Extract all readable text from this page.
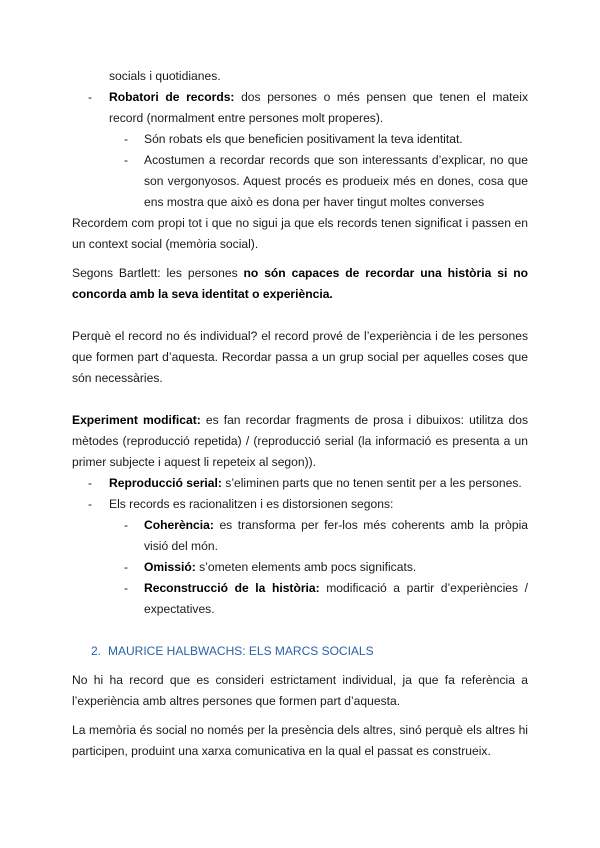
socials i quotidianes.

- Robatori de records: dos persones o més pensen que tenen el mateix record (normalment entre persones molt properes).
- Són robats els que beneficien positivament la teva identitat.
- Acostumen a recordar records que son interessants d’explicar, no que son vergonyosos. Aquest procés es produeix més en dones, cosa que ens mostra que això es dona per haver tingut moltes converses

Recordem com propi tot i que no sigui ja que els records tenen significat i passen en un context social (memòria social).

Segons Bartlett: les persones no són capaces de recordar una història si no concorda amb la seva identitat o experiència.

Perquè el record no és individual? el record prové de l’experiència i de les persones que formen part d’aquesta. Recordar passa a un grup social per aquelles coses que són necessàries.

Experiment modificat: es fan recordar fragments de prosa i dibuixos: utilitza dos mètodes (reproducció repetida) / (reproducció serial (la informació es presenta a un primer subjecte i aquest li repeteix al segon)).

- Reproducció serial: s’eliminen parts que no tenen sentit per a les persones.
- Els records es racionalitzen i es distorsionen segons:
- Coherència: es transforma per fer-los més coherents amb la pròpia visió del món.
- Omissió: s’ometen elements amb pocs significats.
- Reconstrucció de la història: modificació a partir d’experiències / expectatives.
2. MAURICE HALBWACHS: ELS MARCS SOCIALS

No hi ha record que es consideri estrictament individual, ja que fa referència a l’experiència amb altres persones que formen part d’aquesta.

La memòria és social no només per la presència dels altres, sinó perquè els altres hi participen, produint una xarxa comunicativa en la qual el passat es construeix.
